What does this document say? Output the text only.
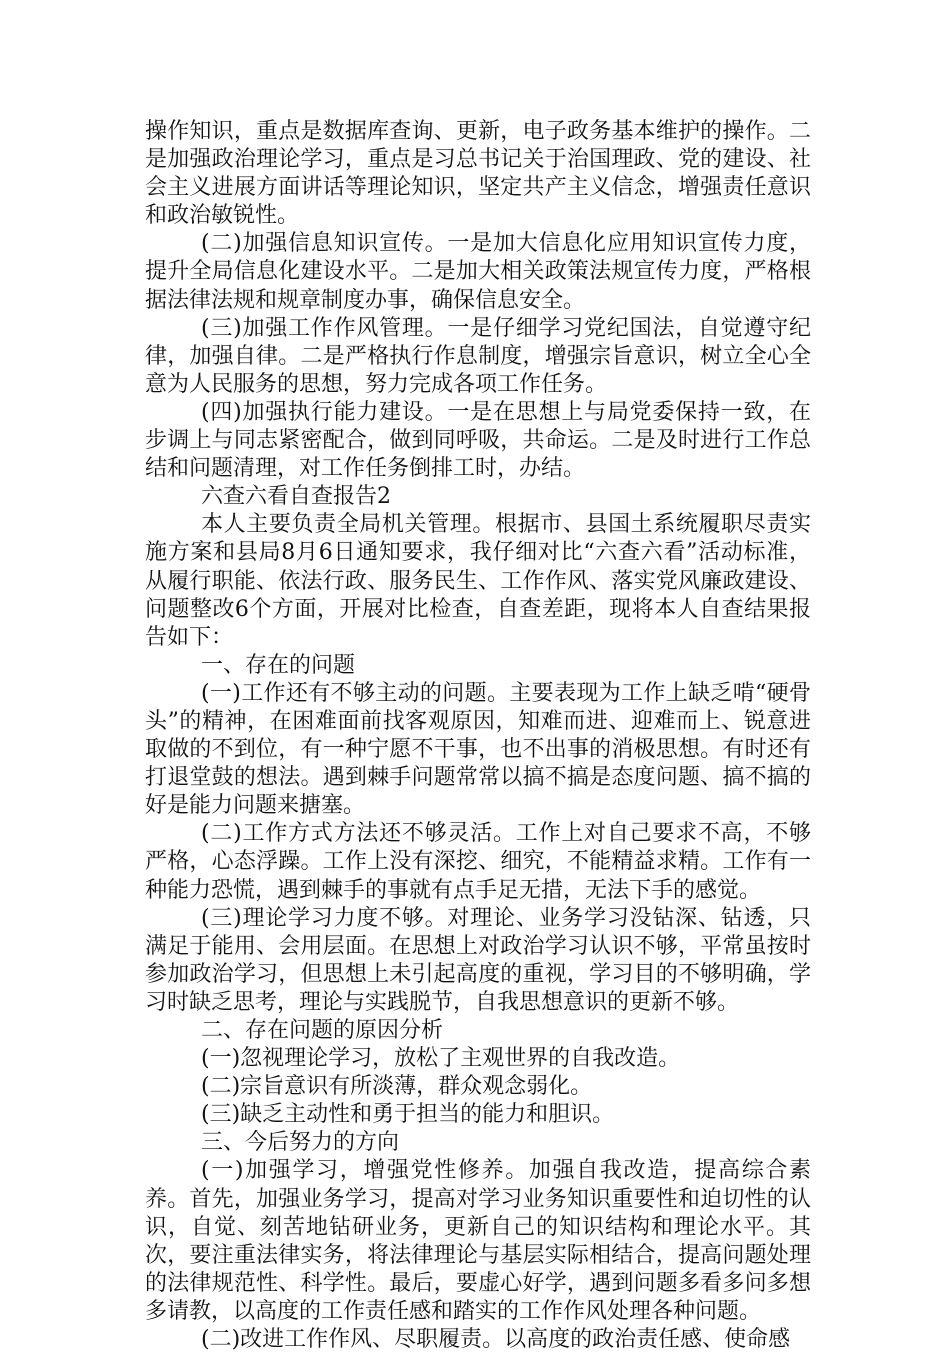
操作知识，重点是数据库查询、更新，电子政务基本维护的操作。二是加强政治理论学习，重点是习总书记关于治国理政、党的建设、社会主义进展方面讲话等理论知识，坚定共产主义信念，增强责任意识和政治敏锐性。

(二)加强信息知识宣传。一是加大信息化应用知识宣传力度，提升全局信息化建设水平。二是加大相关政策法规宣传力度，严格根据法律法规和规章制度办事，确保信息安全。

(三)加强工作作风管理。一是仔细学习党纪国法，自觉遵守纪律，加强自律。二是严格执行作息制度，增强宗旨意识，树立全心全意为人民服务的思想，努力完成各项工作任务。

(四)加强执行能力建设。一是在思想上与局党委保持一致，在步调上与同志紧密配合，做到同呼吸，共命运。二是及时进行工作总结和问题清理，对工作任务倒排工时，办结。

六查六看自查报告2

本人主要负责全局机关管理。根据市、县国土系统履职尽责实施方案和县局8月6日通知要求，我仔细对比“六查六看”活动标准，从履行职能、依法行政、服务民生、工作作风、落实党风廉政建设、问题整改6个方面，开展对比检查，自查差距，现将本人自查结果报告如下：

一、存在的问题

(一)工作还有不够主动的问题。主要表现为工作上缺乏啃“硬骨头”的精神，在困难面前找客观原因，知难而进、迎难而上、锐意进取做的不到位，有一种宁愿不干事，也不出事的消极思想。有时还有打退堂鼓的想法。遇到棘手问题常常以搞不搞是态度问题、搞不搞的好是能力问题来搪塞。

(二)工作方式方法还不够灵活。工作上对自己要求不高，不够严格，心态浮躁。工作上没有深挖、细究，不能精益求精。工作有一种能力恐慌，遇到棘手的事就有点手足无措，无法下手的感觉。

(三)理论学习力度不够。对理论、业务学习没钻深、钻透，只满足于能用、会用层面。在思想上对政治学习认识不够，平常虽按时参加政治学习，但思想上未引起高度的重视，学习目的不够明确，学习时缺乏思考，理论与实践脱节，自我思想意识的更新不够。

二、存在问题的原因分析

(一)忽视理论学习，放松了主观世界的自我改造。

(二)宗旨意识有所淡薄，群众观念弱化。

(三)缺乏主动性和勇于担当的能力和胆识。

三、今后努力的方向

(一)加强学习，增强党性修养。加强自我改造，提高综合素养。首先，加强业务学习，提高对学习业务知识重要性和迫切性的认识，自觉、刻苦地钻研业务，更新自己的知识结构和理论水平。其次，要注重法律实务，将法律理论与基层实际相结合，提高问题处理的法律规范性、科学性。最后，要虚心好学，遇到问题多看多问多想多请教，以高度的工作责任感和踏实的工作作风处理各种问题。

(二)改进工作作风、尽职履责。以高度的政治责任感、使命感
